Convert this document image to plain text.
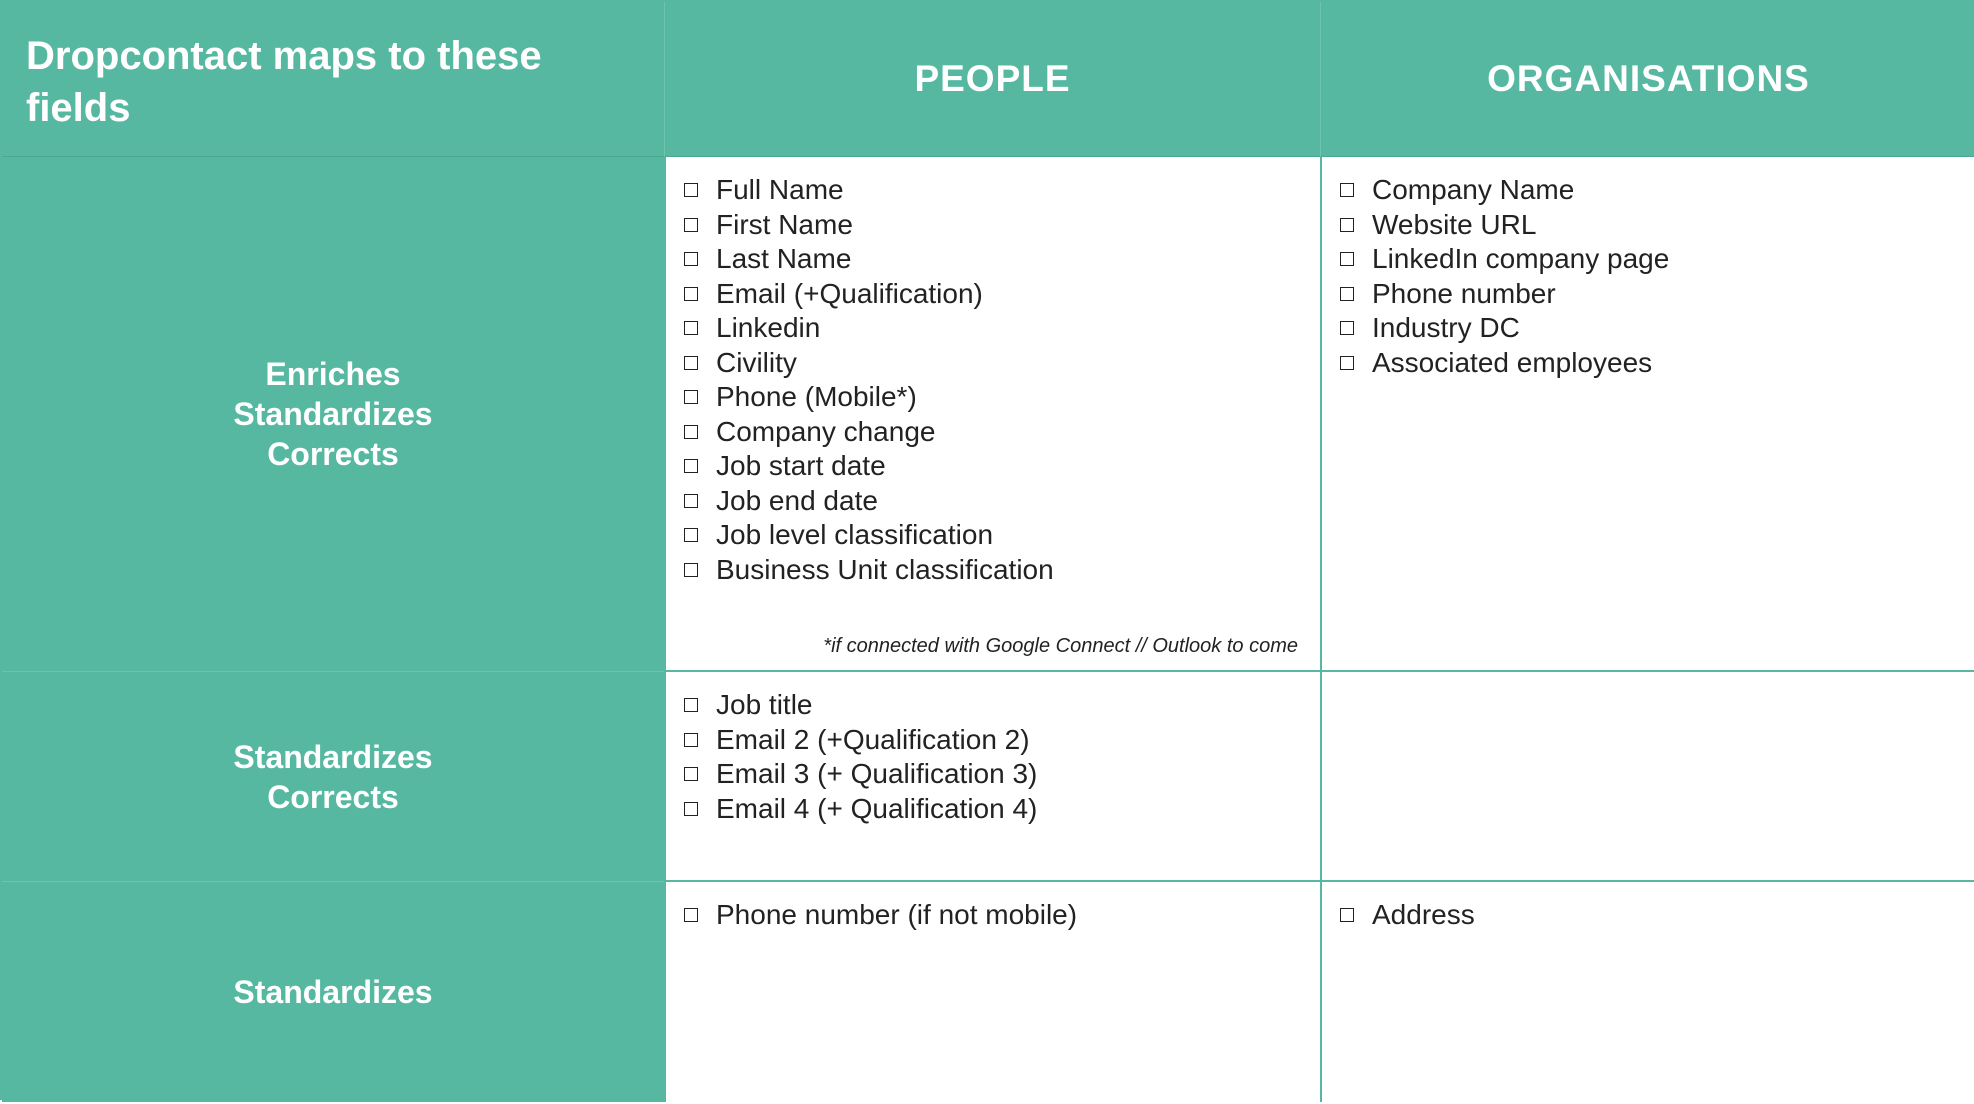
Dropcontact maps to these fields
PEOPLE	ORGANISATIONS
Enriches
Standardizes
Corrects
Full Name
First Name
Last Name
Email (+Qualification)
Linkedin
Civility
Phone (Mobile*)
Company change
Job start date
Job end date
Job level classification
Business Unit classification
*if connected with Google Connect // Outlook to come
Company Name
Website URL
LinkedIn company page
Phone number
Industry DC
Associated employees
Standardizes
Corrects
Job title
Email 2 (+Qualification 2)
Email 3 (+ Qualification 3)
Email 4 (+ Qualification 4)
Standardizes
Phone number (if not mobile)	Address
